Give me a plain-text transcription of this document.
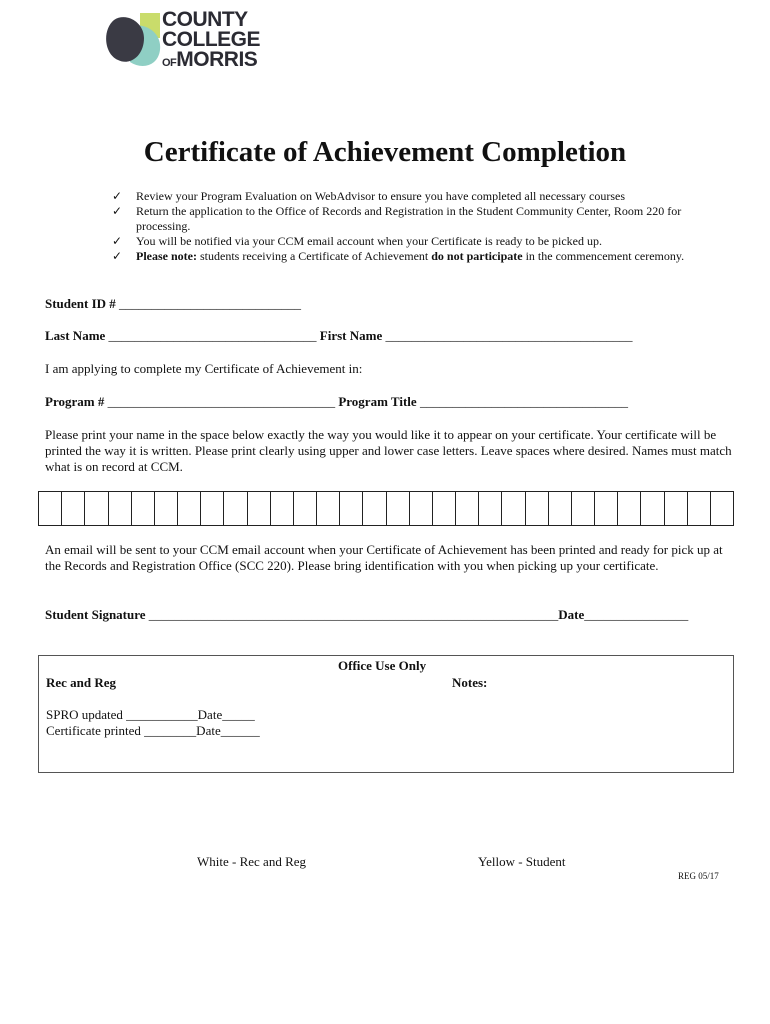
COUNTY
COLLEGE
OFMORRIS
Certificate of Achievement Completion
✓ Review your Program Evaluation on WebAdvisor to ensure you have completed all necessary courses
✓ Return the application to the Office of Records and Registration in the Student Community Center, Room 220 for processing.
✓ You will be notified via your CCM email account when your Certificate is ready to be picked up.
✓ Please note: students receiving a Certificate of Achievement do not participate in the commencement ceremony.
Student ID # ____________________________
Last Name ________________________________ First Name ______________________________________
I am applying to complete my Certificate of Achievement in:
Program # ___________________________________ Program Title ________________________________
Please print your name in the space below exactly the way you would like it to appear on your certificate. Your certificate will be printed the way it is written. Please print clearly using upper and lower case letters. Leave spaces where desired. Names must match what is on record at CCM.
An email will be sent to your CCM email account when your Certificate of Achievement has been printed and ready for pick up at the Records and Registration Office (SCC 220). Please bring identification with you when picking up your certificate.
Student Signature _______________________________________________________________Date________________
Office Use Only
Rec and Reg	Notes:
SPRO updated ___________Date_____
Certificate printed ________Date______
White - Rec and Reg	Yellow - Student
REG 05/17
